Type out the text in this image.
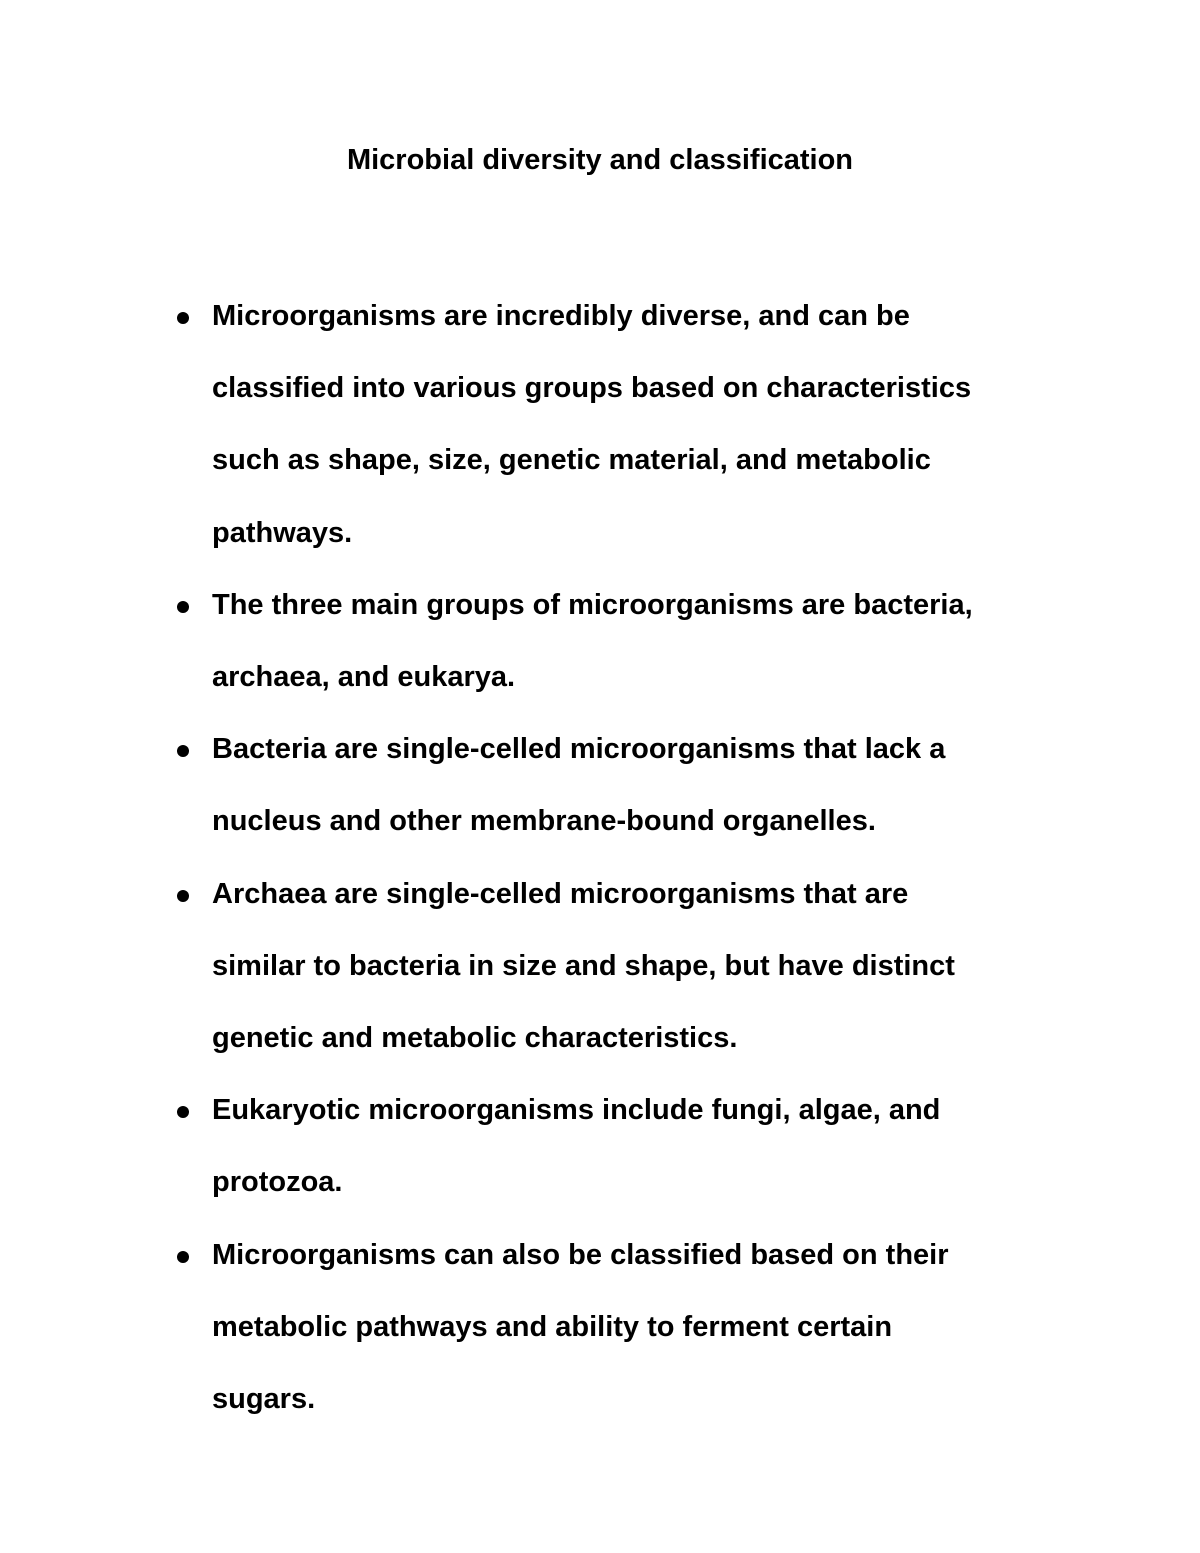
Microbial diversity and classification
Microorganisms are incredibly diverse, and can be
classified into various groups based on characteristics
such as shape, size, genetic material, and metabolic
pathways.
The three main groups of microorganisms are bacteria,
archaea, and eukarya.
Bacteria are single-celled microorganisms that lack a
nucleus and other membrane-bound organelles.
Archaea are single-celled microorganisms that are
similar to bacteria in size and shape, but have distinct
genetic and metabolic characteristics.
Eukaryotic microorganisms include fungi, algae, and
protozoa.
Microorganisms can also be classified based on their
metabolic pathways and ability to ferment certain
sugars.
